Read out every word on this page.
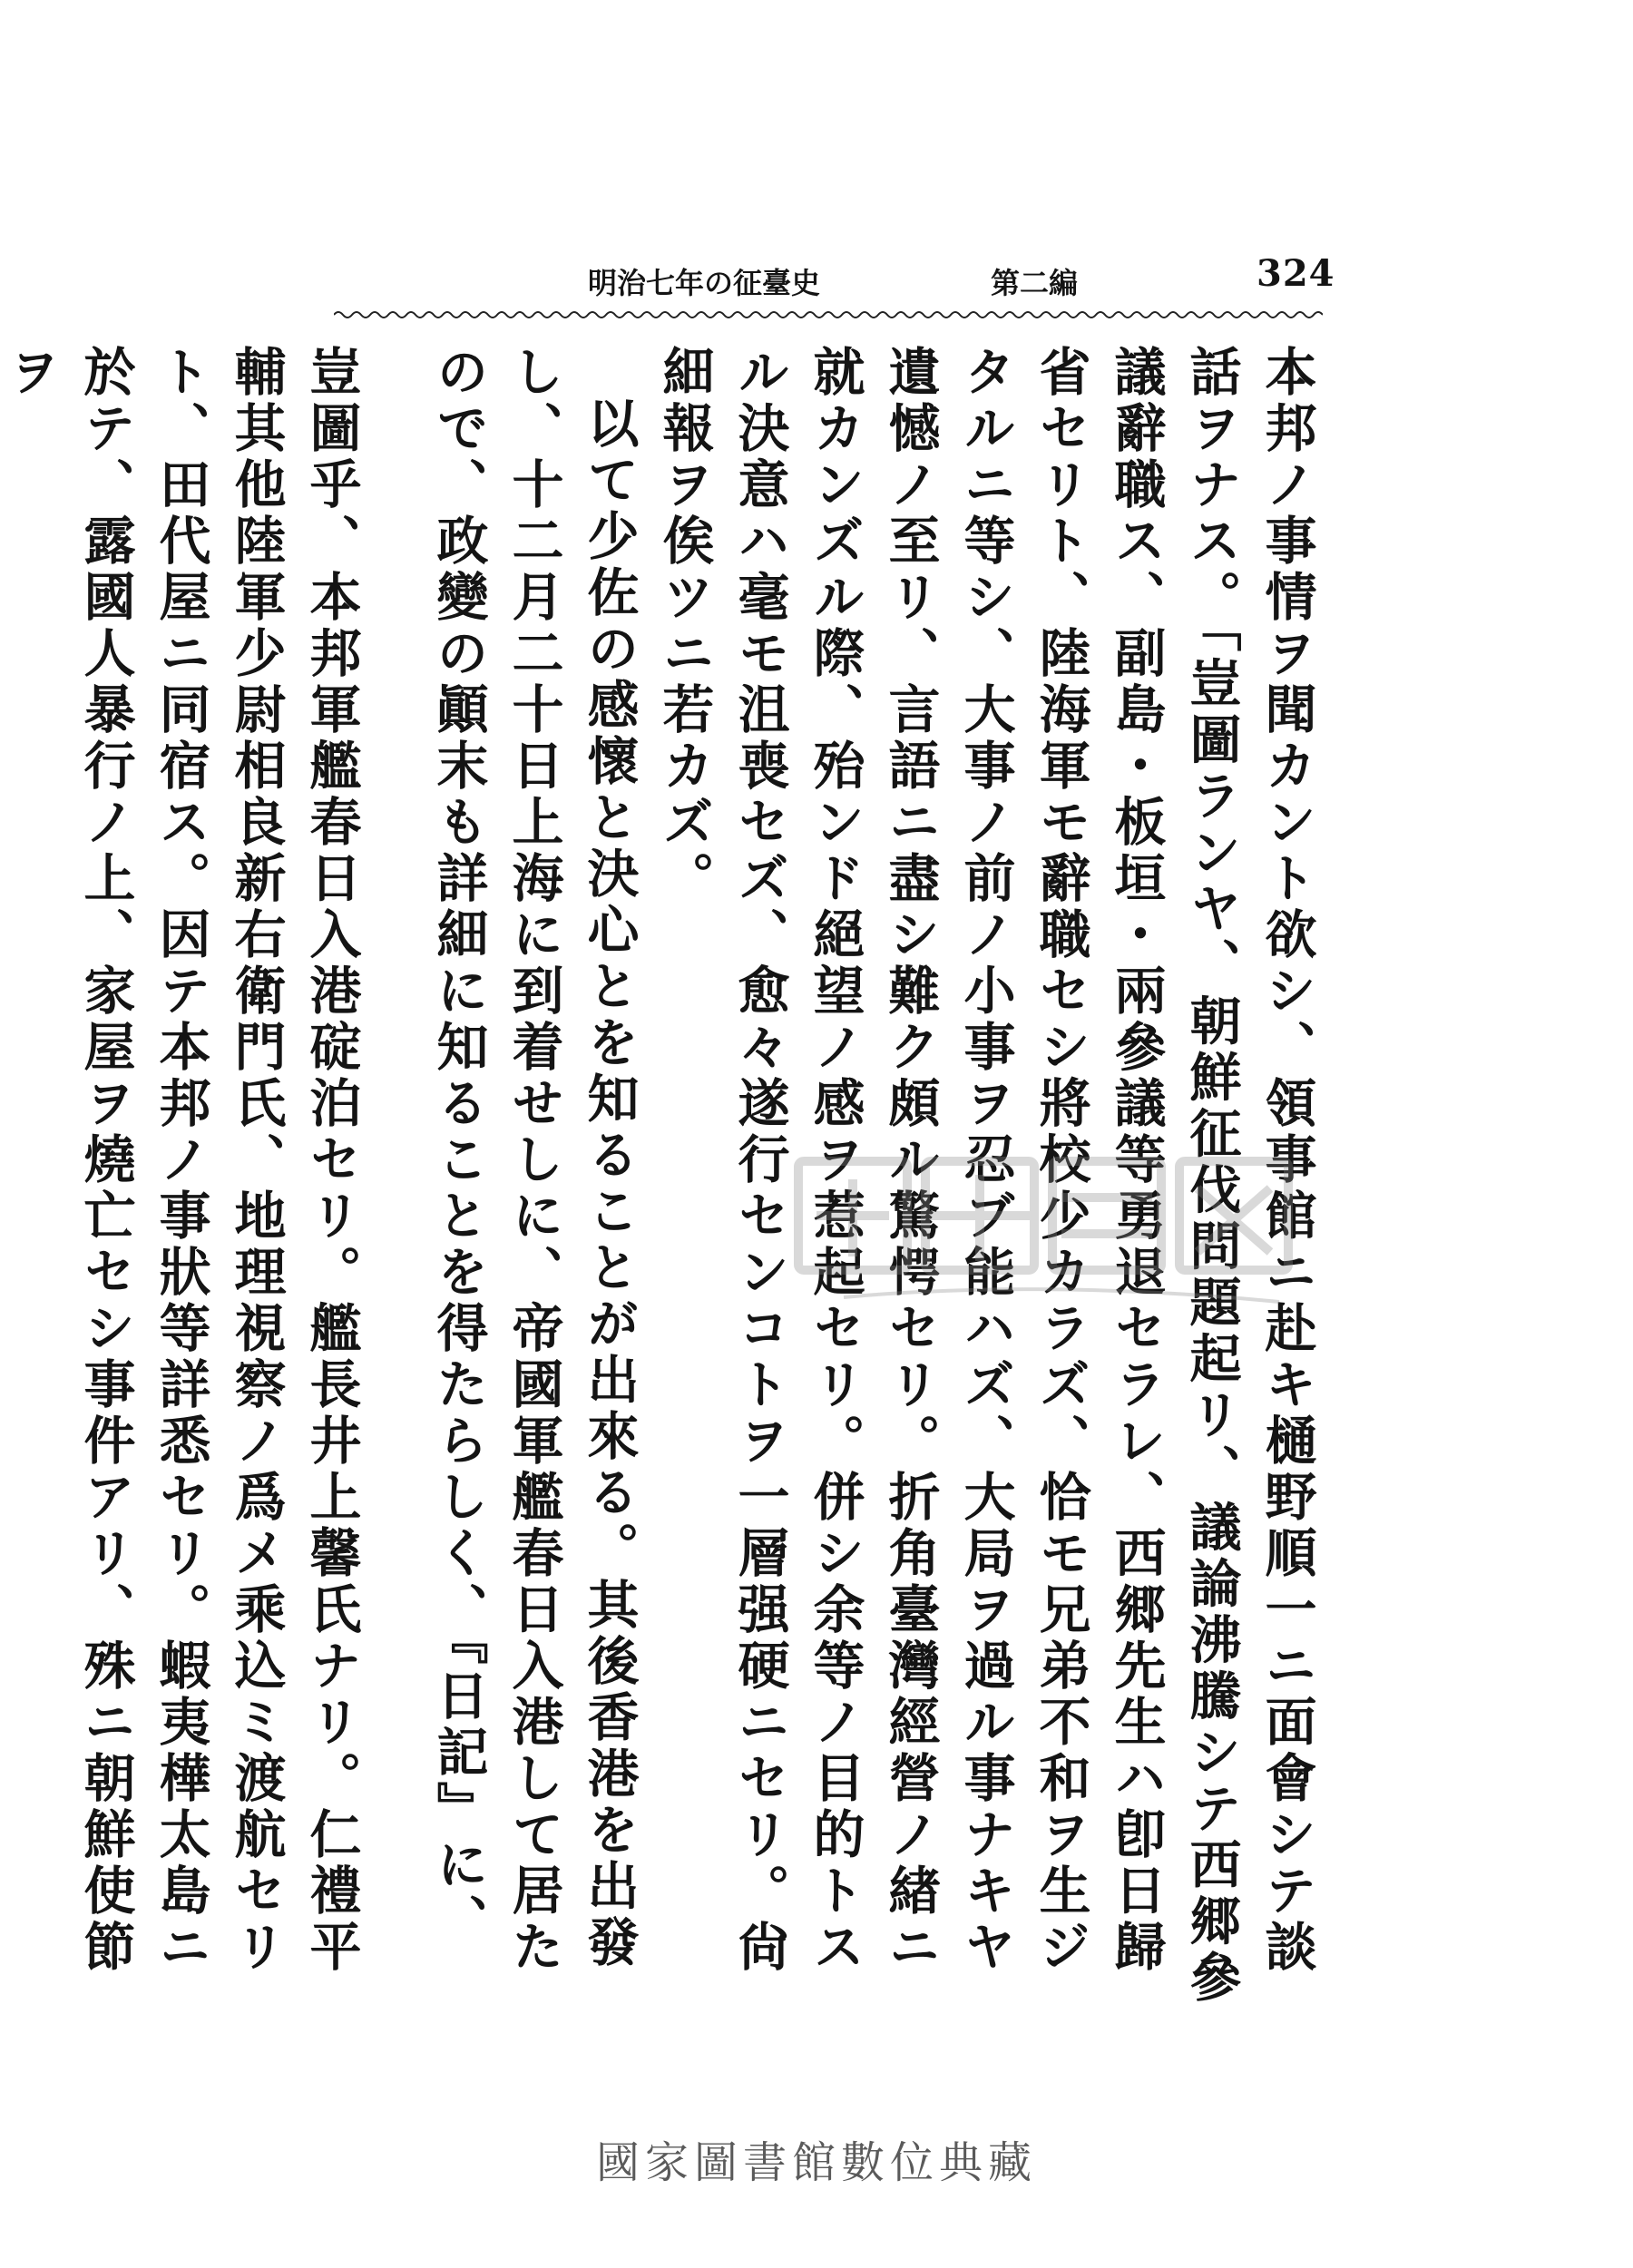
324
第二編
明治七年の征臺史

本邦ノ事情ヲ聞カント欲シ、領事館ニ赴キ樋野順一ニ面會シテ談話ヲナス。「豈圖ランヤ、朝鮮征伐問題起リ、議論沸騰シテ西郷參議辭職ス、副島・板垣・兩參議等勇退セラレ、西郷先生ハ卽日歸省セリト、陸海軍モ辭職セシ將校少カラズ、恰モ兄弟不和ヲ生ジタルニ等シ、大事ノ前ノ小事ヲ忍ブ能ハズ、大局ヲ過ル事ナキヤ遺憾ノ至リ、言語ニ盡シ難ク頗ル驚愕セリ。折角臺灣經營ノ緖ニ就カンズル際、殆ンド絕望ノ感ヲ惹起セリ。併シ余等ノ目的トスル決意ハ毫モ沮喪セズ、愈々遂行センコトヲ一層强硬ニセリ。尙細報ヲ俟ツニ若カズ。

以て少佐の感懷と決心とを知ることが出來る。其後香港を出發し、十二月二十日上海に到着せしに、帝國軍艦春日入港して居たので、政變の顚末も詳細に知ることを得たらしく、『日記』に、

豈圖乎、本邦軍艦春日入港碇泊セリ。艦長井上馨氏ナリ。仁禮平輔其他陸軍少尉相良新右衛門氏、地理視察ノ爲メ乘込ミ渡航セリト、田代屋ニ同宿ス。因テ本邦ノ事狀等詳悉セリ。蝦夷樺太島ニ於テ、露國人暴行ノ上、家屋ヲ燒亡セシ事件アリ、殊ニ朝鮮使節ヲ

國家圖書館數位典藏
